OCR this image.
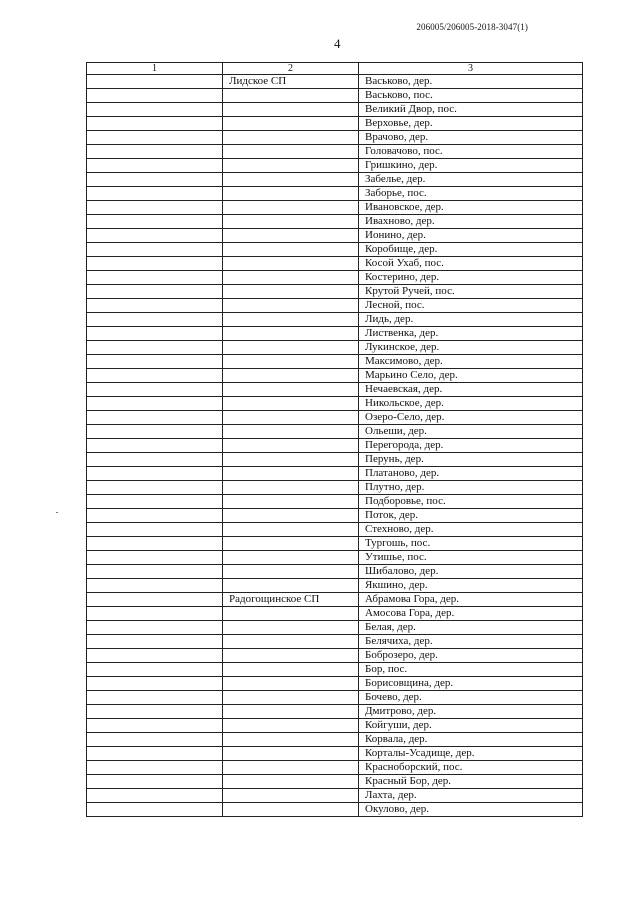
206005/206005-2018-3047(1)
4
1	2	3
	Лидское СП	Васьково, дер.
		Васьково, пос.
		Великий Двор, пос.
		Верховье, дер.
		Врачово, дер.
		Головачово, пос.
		Гришкино, дер.
		Забелье, дер.
		Заборье, пос.
		Ивановское, дер.
		Ивахново, дер.
		Ионино, дер.
		Коробище, дер.
		Косой Ухаб, пос.
		Костерино, дер.
		Крутой Ручей, пос.
		Лесной, пос.
		Лидь, дер.
		Лиственка, дер.
		Лукинское, дер.
		Максимово, дер.
		Марьино Село, дер.
		Нечаевская, дер.
		Никольское, дер.
		Озеро-Село, дер.
		Ольеши, дер.
		Перегорода, дер.
		Перунь, дер.
		Платаново, дер.
		Плутно, дер.
		Подборовье, пос.
		Поток, дер.
		Стехново, дер.
		Тургошь, пос.
		Утишье, пос.
		Шибалово, дер.
		Якшино, дер.
	Радогощинское СП	Абрамова Гора, дер.
		Амосова Гора, дер.
		Белая, дер.
		Белячиха, дер.
		Боброзеро, дер.
		Бор, пос.
		Борисовщина, дер.
		Бочево, дер.
		Дмитрово, дер.
		Койгуши, дер.
		Корвала, дер.
		Корталы-Усадище, дер.
		Красноборский, пос.
		Красный Бор, дер.
		Лахта, дер.
		Окулово, дер.
